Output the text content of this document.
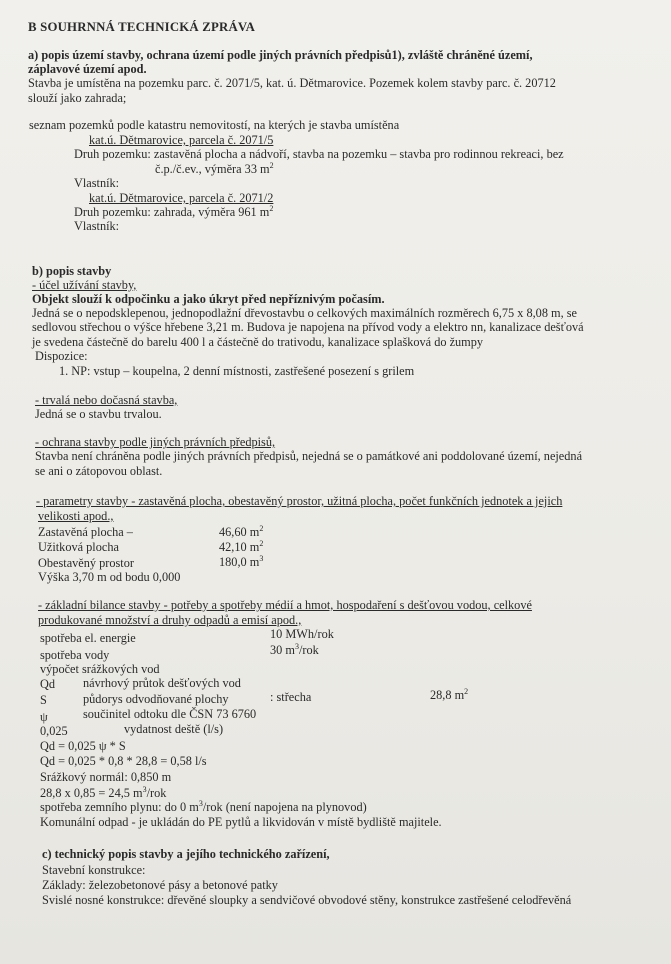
B SOUHRNNÁ TECHNICKÁ ZPRÁVA
a) popis území stavby, ochrana území podle jiných právních předpisů1), zvláště chráněné území,
záplavové území apod.
Stavba je umístěna na pozemku parc. č. 2071/5, kat. ú. Dětmarovice. Pozemek kolem stavby parc. č. 20712
slouží jako zahrada;
seznam pozemků podle katastru nemovitostí, na kterých je stavba umístěna
kat.ú. Dětmarovice, parcela č. 2071/5
Druh pozemku: zastavěná plocha a nádvoří, stavba na pozemku – stavba pro rodinnou rekreaci, bez
č.p./č.ev., výměra 33 $m^2$
Vlastník:
kat.ú. Dětmarovice, parcela č. 2071/2
Druh pozemku: zahrada, výměra 961 $m^2$
Vlastník:
b) popis stavby
- účel užívání stavby,
Objekt slouží k odpočinku a jako úkryt před nepříznivým počasím.
Jedná se o nepodsklepenou, jednopodlažní dřevostavbu o celkových maximálních rozměrech 6,75 x 8,08 m, se
sedlovou střechou o výšce hřebene 3,21 m. Budova je napojena na přívod vody a elektro nn, kanalizace dešťová
je svedena částečně do barelu 400 l a částečně do trativodu, kanalizace splašková do žumpy
Dispozice:
1. NP: vstup – koupelna, 2 denní místnosti, zastřešené posezení s grilem
- trvalá nebo dočasná stavba,
Jedná se o stavbu trvalou.
- ochrana stavby podle jiných právních předpisů,
Stavba není chráněna podle jiných právních předpisů, nejedná se o památkové ani poddolované území, nejedná
se ani o zátopovou oblast.
- parametry stavby - zastavěná plocha, obestavěný prostor, užitná plocha, počet funkčních jednotek a jejich
velikosti apod.,
Zastavěná plocha –	46,60 $m^2$
Užitková plocha	42,10 $m^2$
Obestavěný prostor	180,0 $m^3$
Výška 3,70 m od bodu 0,000
- základní bilance stavby - potřeby a spotřeby médií a hmot, hospodaření s dešťovou vodou, celkové
produkované množství a druhy odpadů a emisí apod.,
spotřeba el. energie	10 MWh/rok
spotřeba vody	30 $m^3$/rok
výpočet srážkových vod
Qd návrhový průtok dešťových vod
S	půdorys odvodňované plochy	: střecha	28,8 $m^2$
ψ	součinitel odtoku dle ČSN 73 6760
0,025	vydatnost deště (l/s)
Qd = 0,025 ψ * S
Qd = 0,025 * 0,8 * 28,8 = 0,58 l/s
Srážkový normál: 0,850 m
28,8 x 0,85 = 24,5 $m^3$/rok
spotřeba zemního plynu: do 0 $m^3$/rok (není napojena na plynovod)
Komunální odpad - je ukládán do PE pytlů a likvidován v místě bydliště majitele.
c) technický popis stavby a jejího technického zařízení,
Stavební konstrukce:
Základy: železobetonové pásy a betonové patky
Svislé nosné konstrukce: dřevěné sloupky a sendvičové obvodové stěny, konstrukce zastřešené celodřevěná
